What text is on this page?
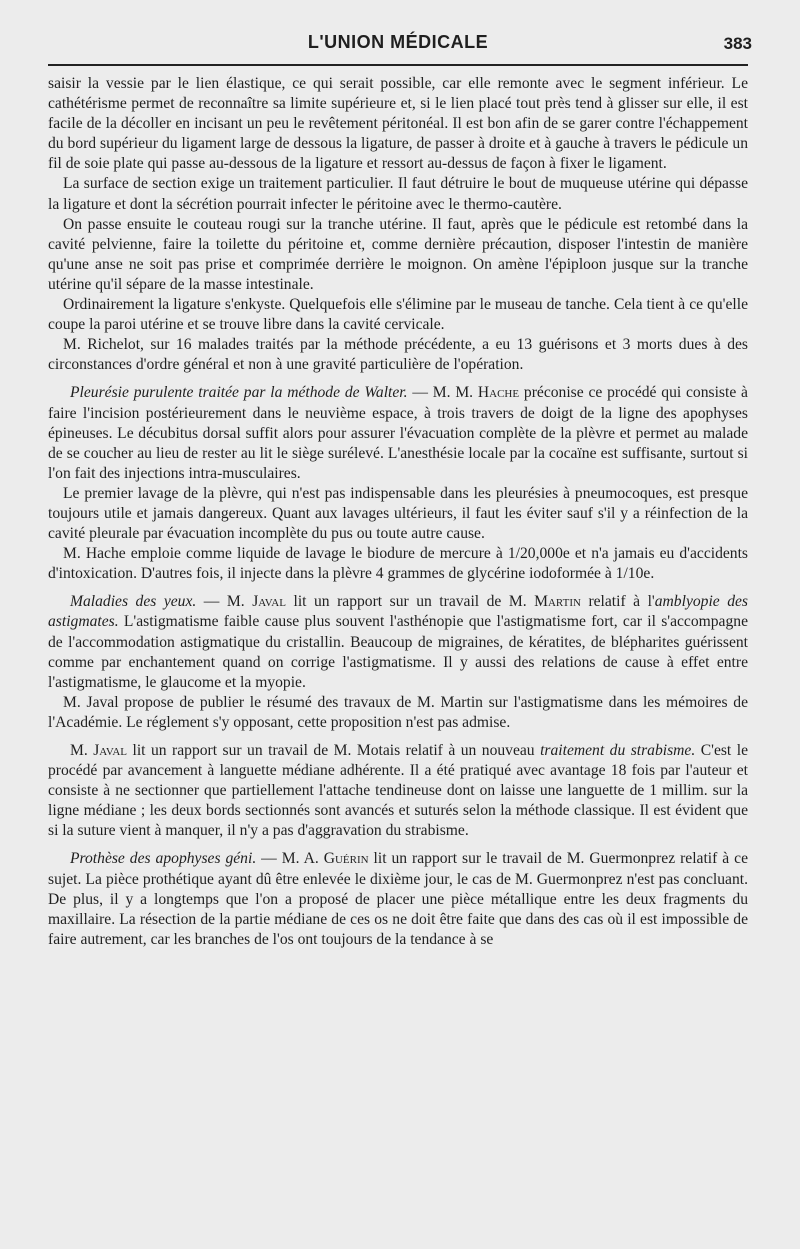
L'UNION MÉDICALE	383

saisir la vessie par le lien élastique, ce qui serait possible, car elle remonte avec le segment inférieur. Le cathétérisme permet de reconnaître sa limite supérieure et, si le lien placé tout près tend à glisser sur elle, il est facile de la décoller en incisant un peu le revêtement péritonéal. Il est bon afin de se garer contre l'échappement du bord supérieur du ligament large de dessous la ligature, de passer à droite et à gauche à travers le pédicule un fil de soie plate qui passe au-dessous de la ligature et ressort au-dessus de façon à fixer le ligament.

La surface de section exige un traitement particulier. Il faut détruire le bout de muqueuse utérine qui dépasse la ligature et dont la sécrétion pourrait infecter le péritoine avec le thermo-cautère.

On passe ensuite le couteau rougi sur la tranche utérine. Il faut, après que le pédicule est retombé dans la cavité pelvienne, faire la toilette du péritoine et, comme dernière précaution, disposer l'intestin de manière qu'une anse ne soit pas prise et comprimée derrière le moignon. On amène l'épiploon jusque sur la tranche utérine qu'il sépare de la masse intestinale.

Ordinairement la ligature s'enkyste. Quelquefois elle s'élimine par le museau de tanche. Cela tient à ce qu'elle coupe la paroi utérine et se trouve libre dans la cavité cervicale.

M. Richelot, sur 16 malades traités par la méthode précédente, a eu 13 guérisons et 3 morts dues à des circonstances d'ordre général et non à une gravité particulière de l'opération.

Pleurésie purulente traitée par la méthode de Walter. — M. M. Hache préconise ce procédé qui consiste à faire l'incision postérieurement dans le neuvième espace, à trois travers de doigt de la ligne des apophyses épineuses. Le décubitus dorsal suffit alors pour assurer l'évacuation complète de la plèvre et permet au malade de se coucher au lieu de rester au lit le siège surélevé. L'anesthésie locale par la cocaïne est suffisante, surtout si l'on fait des injections intra-musculaires.

Le premier lavage de la plèvre, qui n'est pas indispensable dans les pleurésies à pneumocoques, est presque toujours utile et jamais dangereux. Quant aux lavages ultérieurs, il faut les éviter sauf s'il y a réinfection de la cavité pleurale par évacuation incomplète du pus ou toute autre cause.

M. Hache emploie comme liquide de lavage le biodure de mercure à 1/20,000e et n'a jamais eu d'accidents d'intoxication. D'autres fois, il injecte dans la plèvre 4 grammes de glycérine iodoformée à 1/10e.

Maladies des yeux. — M. Javal lit un rapport sur un travail de M. Martin relatif à l'amblyopie des astigmates. L'astigmatisme faible cause plus souvent l'asthénopie que l'astigmatisme fort, car il s'accompagne de l'accommodation astigmatique du cristallin. Beaucoup de migraines, de kératites, de blépharites guérissent comme par enchantement quand on corrige l'astigmatisme. Il y aussi des relations de cause à effet entre l'astigmatisme, le glaucome et la myopie.

M. Javal propose de publier le résumé des travaux de M. Martin sur l'astigmatisme dans les mémoires de l'Académie. Le réglement s'y opposant, cette proposition n'est pas admise.

M. Javal lit un rapport sur un travail de M. Motais relatif à un nouveau traitement du strabisme. C'est le procédé par avancement à languette médiane adhérente. Il a été pratiqué avec avantage 18 fois par l'auteur et consiste à ne sectionner que partiellement l'attache tendineuse dont on laisse une languette de 1 millim. sur la ligne médiane ; les deux bords sectionnés sont avancés et suturés selon la méthode classique. Il est évident que si la suture vient à manquer, il n'y a pas d'aggravation du strabisme.

Prothèse des apophyses géni. — M. A. Guérin lit un rapport sur le travail de M. Guermonprez relatif à ce sujet. La pièce prothétique ayant dû être enlevée le dixième jour, le cas de M. Guermonprez n'est pas concluant. De plus, il y a longtemps que l'on a proposé de placer une pièce métallique entre les deux fragments du maxillaire. La résection de la partie médiane de ces os ne doit être faite que dans des cas où il est impossible de faire autrement, car les branches de l'os ont toujours de la tendance à se
